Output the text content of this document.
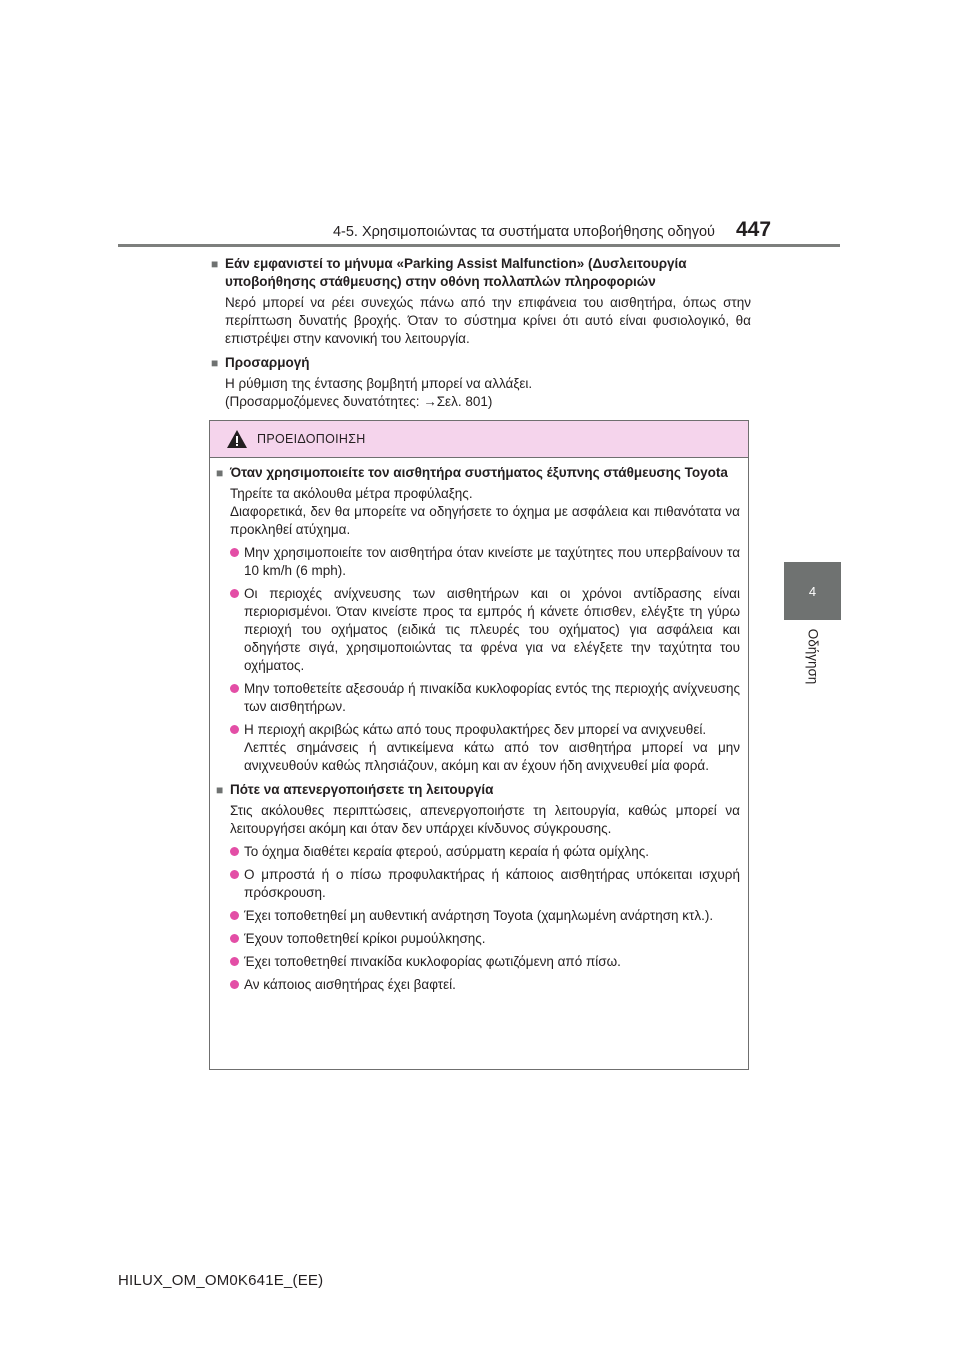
4-5. Χρησιμοποιώντας τα συστήματα υποβοήθησης οδηγού 447
4
Οδήγηση
■ Εάν εμφανιστεί το μήνυμα «Parking Assist Malfunction» (Δυσλειτουργία υποβοήθησης στάθμευσης) στην οθόνη πολλαπλών πληροφοριών

Νερό μπορεί να ρέει συνεχώς πάνω από την επιφάνεια του αισθητήρα, όπως στην περίπτωση δυνατής βροχής. Όταν το σύστημα κρίνει ότι αυτό είναι φυσιολογικό, θα επιστρέψει στην κανονική του λειτουργία.

■ Προσαρμογή
Η ρύθμιση της έντασης βομβητή μπορεί να αλλάξει.
(Προσαρμοζόμενες δυνατότητες: →Σελ. 801)
ΠΡΟΕΙΔΟΠΟΙΗΣΗ
■ Όταν χρησιμοποιείτε τον αισθητήρα συστήματος έξυπνης στάθμευσης Toyota
Τηρείτε τα ακόλουθα μέτρα προφύλαξης.
Διαφορετικά, δεν θα μπορείτε να οδηγήσετε το όχημα με ασφάλεια και πιθανότατα να προκληθεί ατύχημα.
Μην χρησιμοποιείτε τον αισθητήρα όταν κινείστε με ταχύτητες που υπερβαίνουν τα 10 km/h (6 mph).
Οι περιοχές ανίχνευσης των αισθητήρων και οι χρόνοι αντίδρασης είναι περιορισμένοι. Όταν κινείστε προς τα εμπρός ή κάνετε όπισθεν, ελέγξτε τη γύρω περιοχή του οχήματος (ειδικά τις πλευρές του οχήματος) για ασφάλεια και οδηγήστε σιγά, χρησιμοποιώντας τα φρένα για να ελέγξετε την ταχύτητα του οχήματος.
Μην τοποθετείτε αξεσουάρ ή πινακίδα κυκλοφορίας εντός της περιοχής ανίχνευσης των αισθητήρων.
Η περιοχή ακριβώς κάτω από τους προφυλακτήρες δεν μπορεί να ανιχνευθεί.
Λεπτές σημάνσεις ή αντικείμενα κάτω από τον αισθητήρα μπορεί να μην ανιχνευθούν καθώς πλησιάζουν, ακόμη και αν έχουν ήδη ανιχνευθεί μία φορά.
■ Πότε να απενεργοποιήσετε τη λειτουργία
Στις ακόλουθες περιπτώσεις, απενεργοποιήστε τη λειτουργία, καθώς μπορεί να λειτουργήσει ακόμη και όταν δεν υπάρχει κίνδυνος σύγκρουσης.
Το όχημα διαθέτει κεραία φτερού, ασύρματη κεραία ή φώτα ομίχλης.
Ο μπροστά ή ο πίσω προφυλακτήρας ή κάποιος αισθητήρας υπόκειται ισχυρή πρόσκρουση.
Έχει τοποθετηθεί μη αυθεντική ανάρτηση Toyota (χαμηλωμένη ανάρτηση κτλ.).
Έχουν τοποθετηθεί κρίκοι ρυμούλκησης.
Έχει τοποθετηθεί πινακίδα κυκλοφορίας φωτιζόμενη από πίσω.
Αν κάποιος αισθητήρας έχει βαφτεί.
HILUX_OM_OM0K641E_(EE)
